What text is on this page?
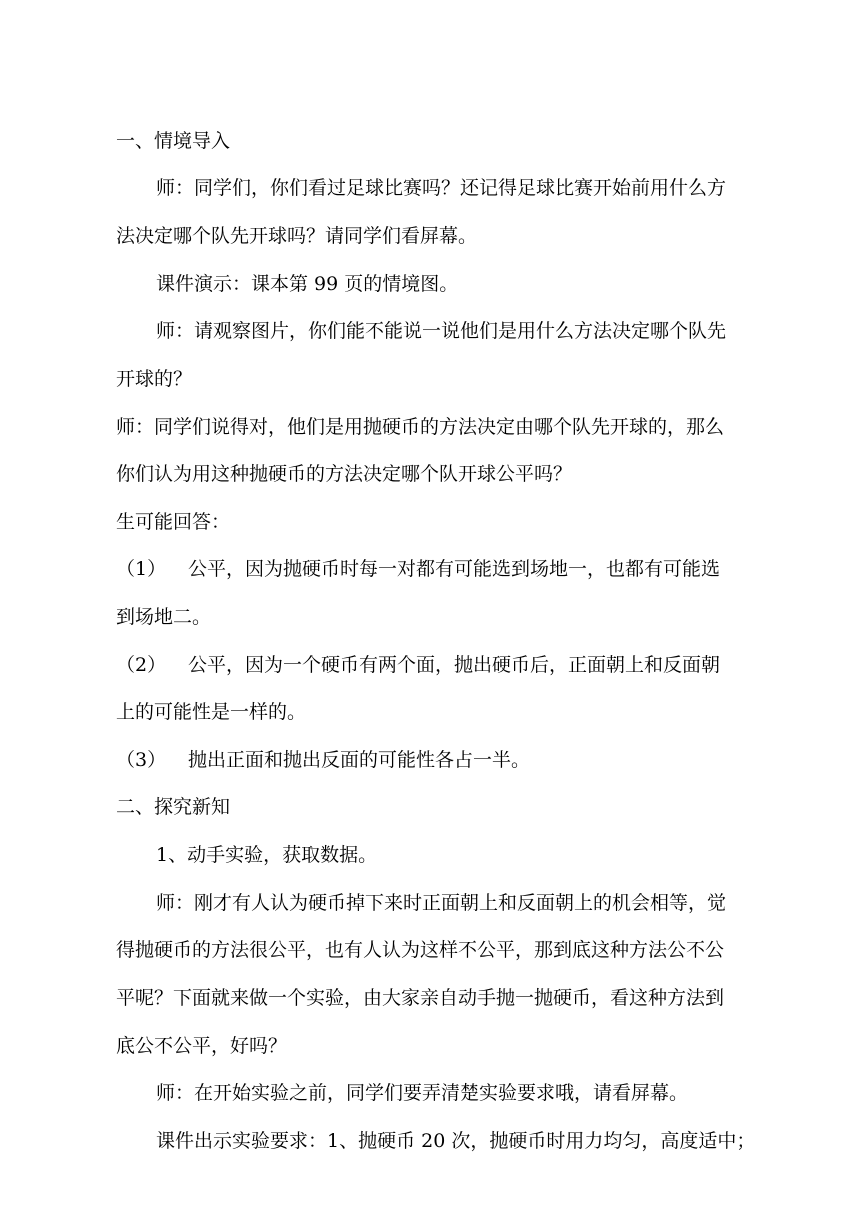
一、情境导入
师：同学们，你们看过足球比赛吗？还记得足球比赛开始前用什么方
法决定哪个队先开球吗？请同学们看屏幕。
课件演示：课本第 99 页的情境图。
师：请观察图片，你们能不能说一说他们是用什么方法决定哪个队先
开球的？
师：同学们说得对，他们是用抛硬币的方法决定由哪个队先开球的，那么
你们认为用这种抛硬币的方法决定哪个队开球公平吗？
生可能回答：
（1） 公平，因为抛硬币时每一对都有可能选到场地一，也都有可能选
到场地二。
（2） 公平，因为一个硬币有两个面，抛出硬币后，正面朝上和反面朝
上的可能性是一样的。
（3） 抛出正面和抛出反面的可能性各占一半。
二、探究新知
1、动手实验，获取数据。
师：刚才有人认为硬币掉下来时正面朝上和反面朝上的机会相等，觉
得抛硬币的方法很公平，也有人认为这样不公平，那到底这种方法公不公
平呢？下面就来做一个实验，由大家亲自动手抛一抛硬币，看这种方法到
底公不公平，好吗？
师：在开始实验之前，同学们要弄清楚实验要求哦，请看屏幕。
课件出示实验要求：1、抛硬币 20 次，抛硬币时用力均匀，高度适中；
